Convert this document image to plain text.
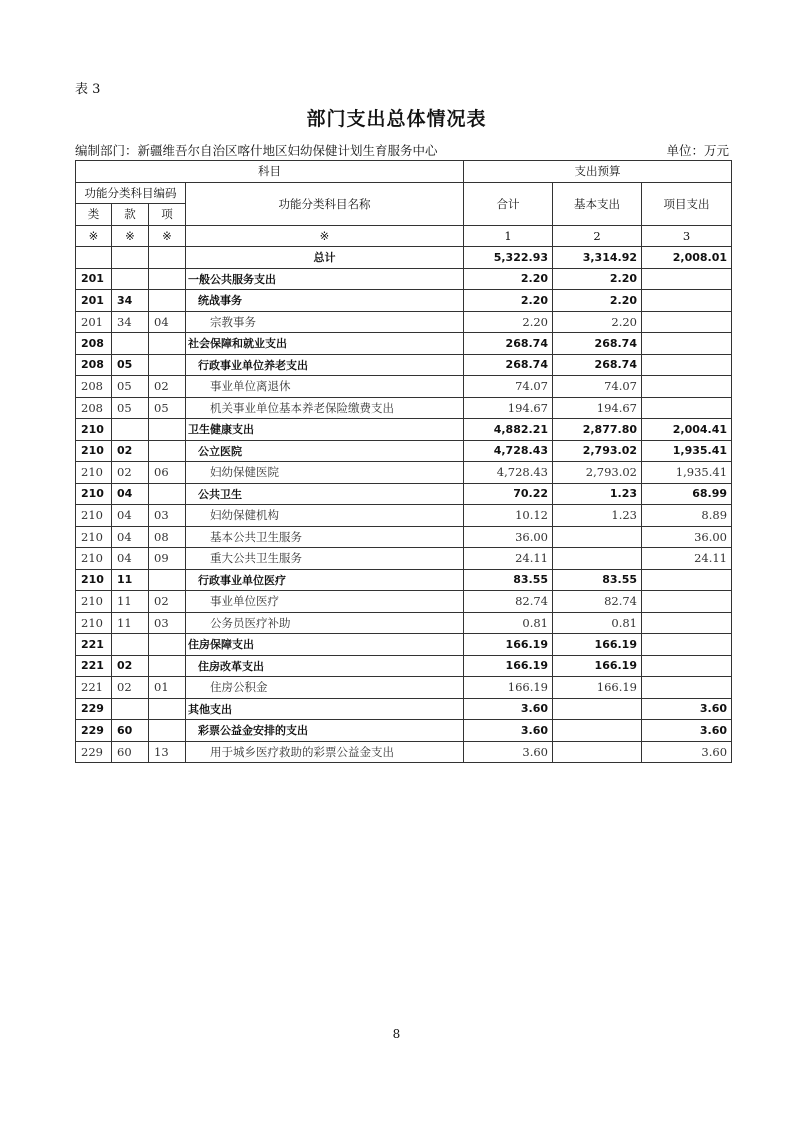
表 3
部门支出总体情况表
编制部门：新疆维吾尔自治区喀什地区妇幼保健计划生育服务中心	单位：万元
科目				支出预算		
功能分类科目编码			功能分类科目名称	合计	基本支出	项目支出
类	款	项				
※	※	※	※	1	2	3
			总计	5,322.93	3,314.92	2,008.01
201			一般公共服务支出	2.20	2.20	
201	34		统战事务	2.20	2.20	
201	34	04	宗教事务	2.20	2.20	
208			社会保障和就业支出	268.74	268.74	
208	05		行政事业单位养老支出	268.74	268.74	
208	05	02	事业单位离退休	74.07	74.07	
208	05	05	机关事业单位基本养老保险缴费支出	194.67	194.67	
210			卫生健康支出	4,882.21	2,877.80	2,004.41
210	02		公立医院	4,728.43	2,793.02	1,935.41
210	02	06	妇幼保健医院	4,728.43	2,793.02	1,935.41
210	04		公共卫生	70.22	1.23	68.99
210	04	03	妇幼保健机构	10.12	1.23	8.89
210	04	08	基本公共卫生服务	36.00		36.00
210	04	09	重大公共卫生服务	24.11		24.11
210	11		行政事业单位医疗	83.55	83.55	
210	11	02	事业单位医疗	82.74	82.74	
210	11	03	公务员医疗补助	0.81	0.81	
221			住房保障支出	166.19	166.19	
221	02		住房改革支出	166.19	166.19	
221	02	01	住房公积金	166.19	166.19	
229			其他支出	3.60		3.60
229	60		彩票公益金安排的支出	3.60		3.60
229	60	13	用于城乡医疗救助的彩票公益金支出	3.60		3.60
8
